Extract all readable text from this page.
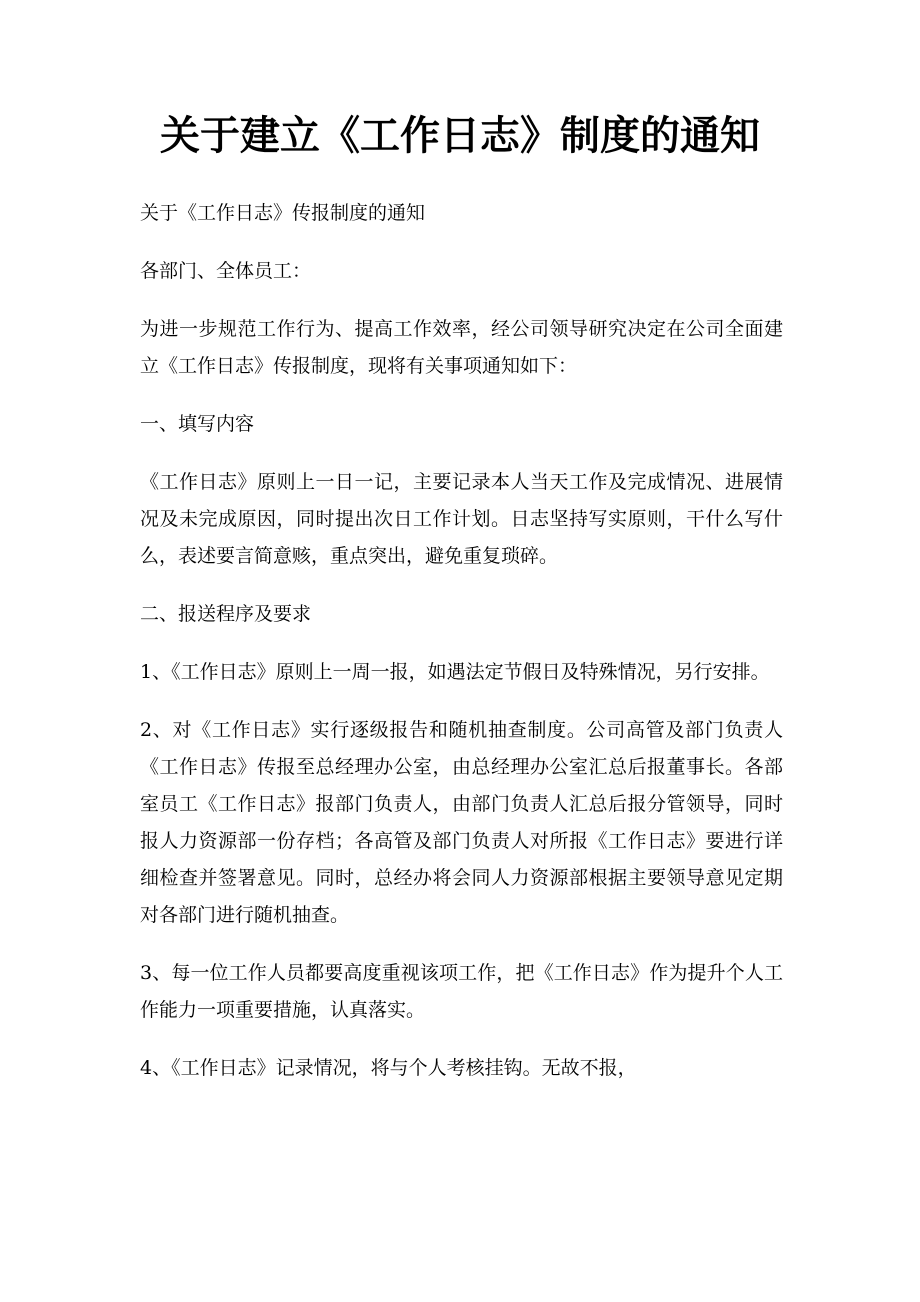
关于建立《工作日志》制度的通知

关于《工作日志》传报制度的通知

各部门、全体员工：

为进一步规范工作行为、提高工作效率，经公司领导研究决定在公司全面建立《工作日志》传报制度，现将有关事项通知如下：

一、填写内容

《工作日志》原则上一日一记，主要记录本人当天工作及完成情况、进展情况及未完成原因，同时提出次日工作计划。日志坚持写实原则，干什么写什么，表述要言简意赅，重点突出，避免重复琐碎。

二、报送程序及要求

1、《工作日志》原则上一周一报，如遇法定节假日及特殊情况，另行安排。

2、对《工作日志》实行逐级报告和随机抽查制度。公司高管及部门负责人《工作日志》传报至总经理办公室，由总经理办公室汇总后报董事长。各部室员工《工作日志》报部门负责人，由部门负责人汇总后报分管领导，同时报人力资源部一份存档；各高管及部门负责人对所报《工作日志》要进行详细检查并签署意见。同时，总经办将会同人力资源部根据主要领导意见定期对各部门进行随机抽查。

3、每一位工作人员都要高度重视该项工作，把《工作日志》作为提升个人工作能力一项重要措施，认真落实。

4、《工作日志》记录情况，将与个人考核挂钩。无故不报，
